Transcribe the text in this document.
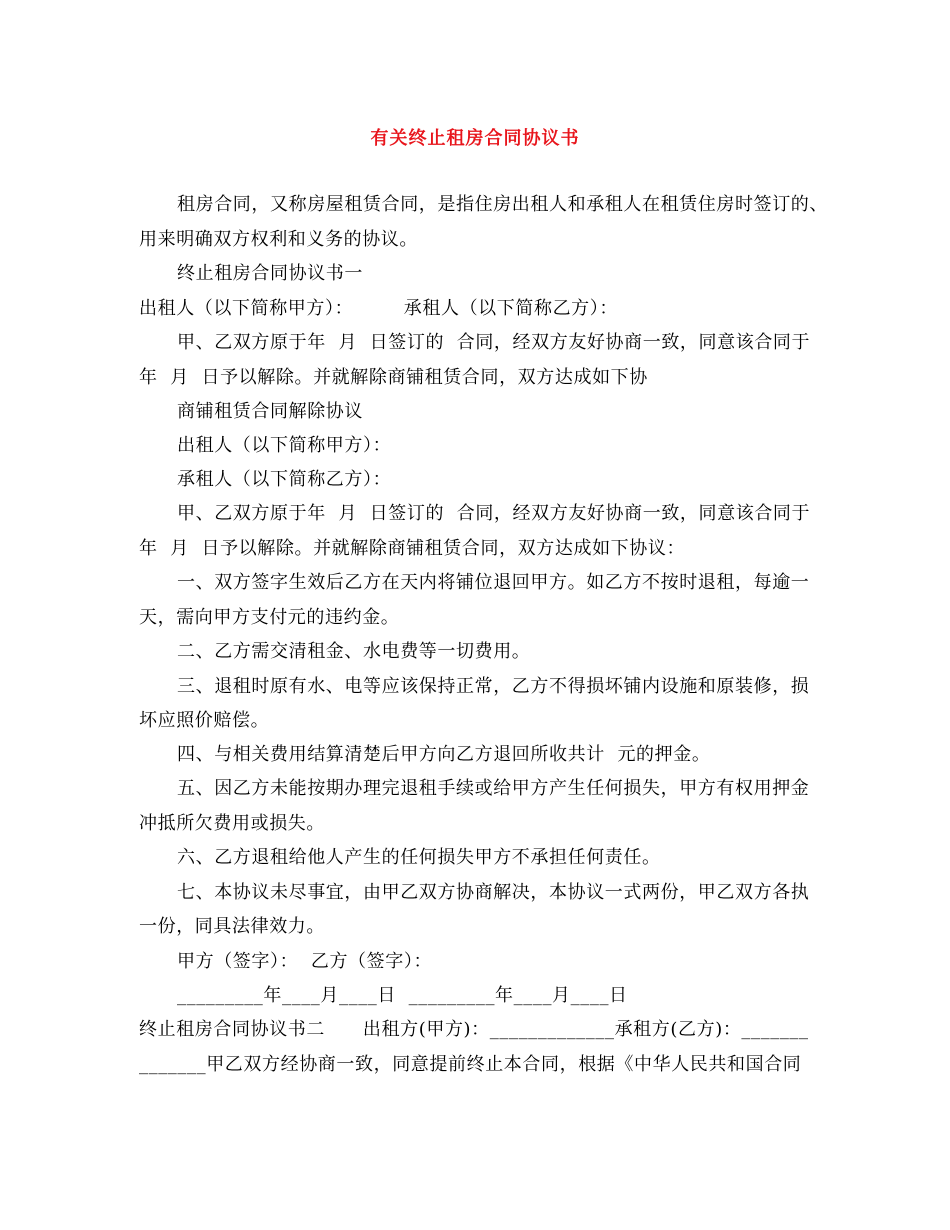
有关终止租房合同协议书
租房合同，又称房屋租赁合同，是指住房出租人和承租人在租赁住房时签订的、
用来明确双方权利和义务的协议。
终止租房合同协议书一
出租人（以下简称甲方）：        承租人（以下简称乙方）：
甲、乙双方原于年  月  日签订的  合同，经双方友好协商一致，同意该合同于
年  月  日予以解除。并就解除商铺租赁合同，双方达成如下协
商铺租赁合同解除协议
出租人（以下简称甲方）：
承租人（以下简称乙方）：
甲、乙双方原于年  月  日签订的  合同，经双方友好协商一致，同意该合同于
年  月  日予以解除。并就解除商铺租赁合同，双方达成如下协议：
一、双方签字生效后乙方在天内将铺位退回甲方。如乙方不按时退租，每逾一
天，需向甲方支付元的违约金。
二、乙方需交清租金、水电费等一切费用。
三、退租时原有水、电等应该保持正常，乙方不得损坏铺内设施和原装修，损
坏应照价赔偿。
四、与相关费用结算清楚后甲方向乙方退回所收共计  元的押金。
五、因乙方未能按期办理完退租手续或给甲方产生任何损失，甲方有权用押金
冲抵所欠费用或损失。
六、乙方退租给他人产生的任何损失甲方不承担任何责任。
七、本协议未尽事宜，由甲乙双方协商解决，本协议一式两份，甲乙双方各执
一份，同具法律效力。
甲方（签字）：  乙方（签字）：
_________年____月____日  _________年____月____日
终止租房合同协议书二      出租方(甲方)：_____________承租方(乙方)：_______
_______甲乙双方经协商一致，同意提前终止本合同，根据《中华人民共和国合同
